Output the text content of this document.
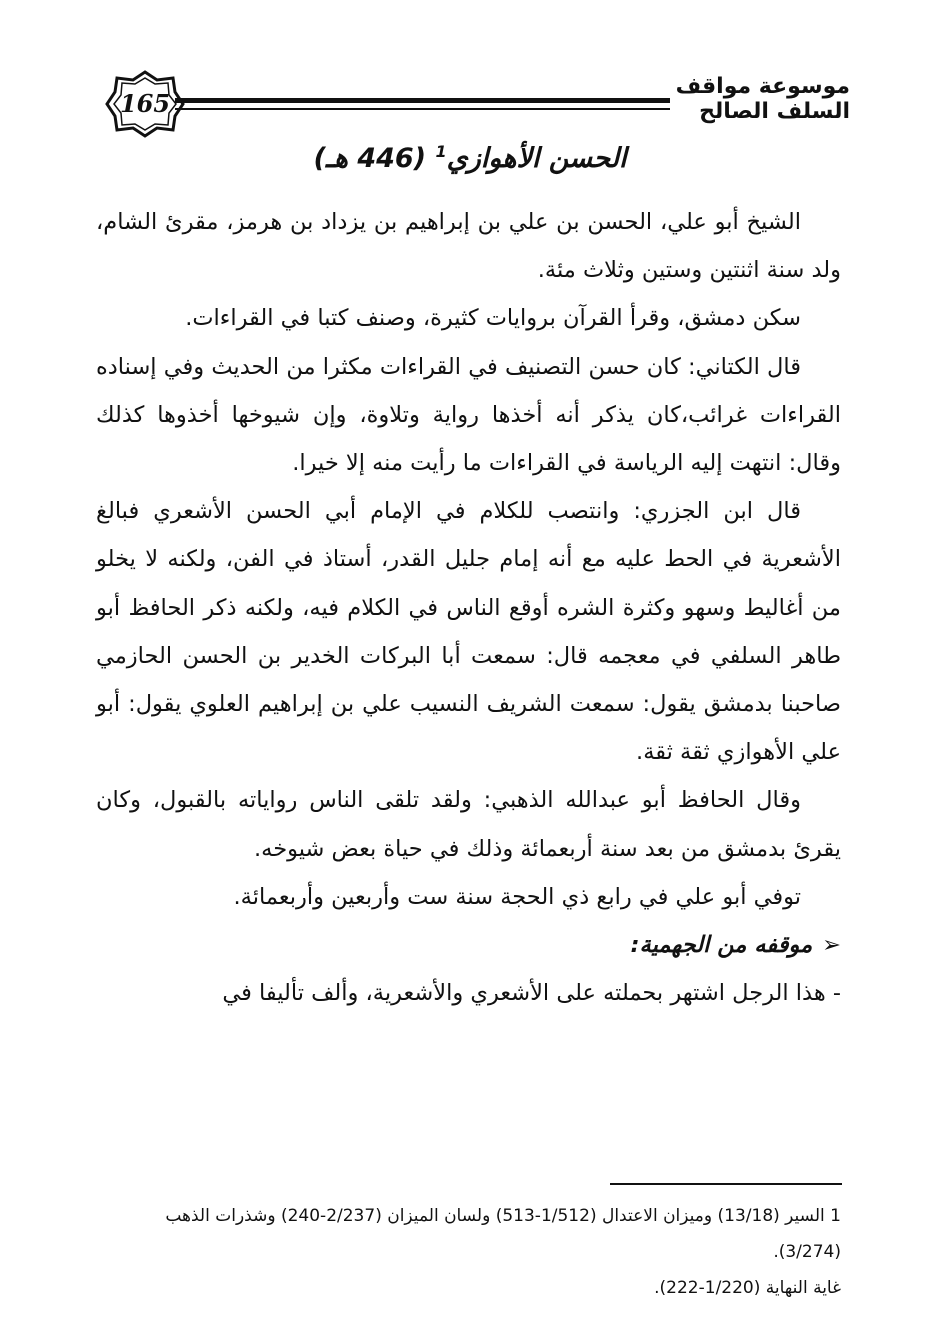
165
موسوعة مواقف السلف الصالح
الحسن الأهوازي$^1$ (446 هـ)

الشيخ أبو علي، الحسن بن علي بن إبراهيم بن يزداد بن هرمز، مقرئ الشام، ولد سنة اثنتين وستين وثلاث مئة.

سكن دمشق، وقرأ القرآن بروايات كثيرة، وصنف كتبا في القراءات.

قال الكتاني: كان حسن التصنيف في القراءات مكثرا من الحديث وفي إسناده القراءات غرائب،كان يذكر أنه أخذها رواية وتلاوة، وإن شيوخها أخذوها كذلك وقال: انتهت إليه الرياسة في القراءات ما رأيت منه إلا خيرا.

قال ابن الجزري: وانتصب للكلام في الإمام أبي الحسن الأشعري فبالغ الأشعرية في الحط عليه مع أنه إمام جليل القدر، أستاذ في الفن، ولكنه لا يخلو من أغاليط وسهو وكثرة الشره أوقع الناس في الكلام فيه، ولكنه ذكر الحافظ أبو طاهر السلفي في معجمه قال: سمعت أبا البركات الخدير بن الحسن الحازمي صاحبنا بدمشق يقول: سمعت الشريف النسيب علي بن إبراهيم العلوي يقول: أبو علي الأهوازي ثقة ثقة.

وقال الحافظ أبو عبدالله الذهبي: ولقد تلقى الناس رواياته بالقبول، وكان يقرئ بدمشق من بعد سنة أربعمائة وذلك في حياة بعض شيوخه.

توفي أبو علي في رابع ذي الحجة سنة ست وأربعين وأربعمائة.

➢موقفه من الجهمية:

- هذا الرجل اشتهر بحملته على الأشعري والأشعرية، وألف تأليفا في

1 السير (13/18) وميزان الاعتدال (1/512-513) ولسان الميزان (2/237-240) وشذرات الذهب (3/274).

غاية النهاية (1/220-222).
